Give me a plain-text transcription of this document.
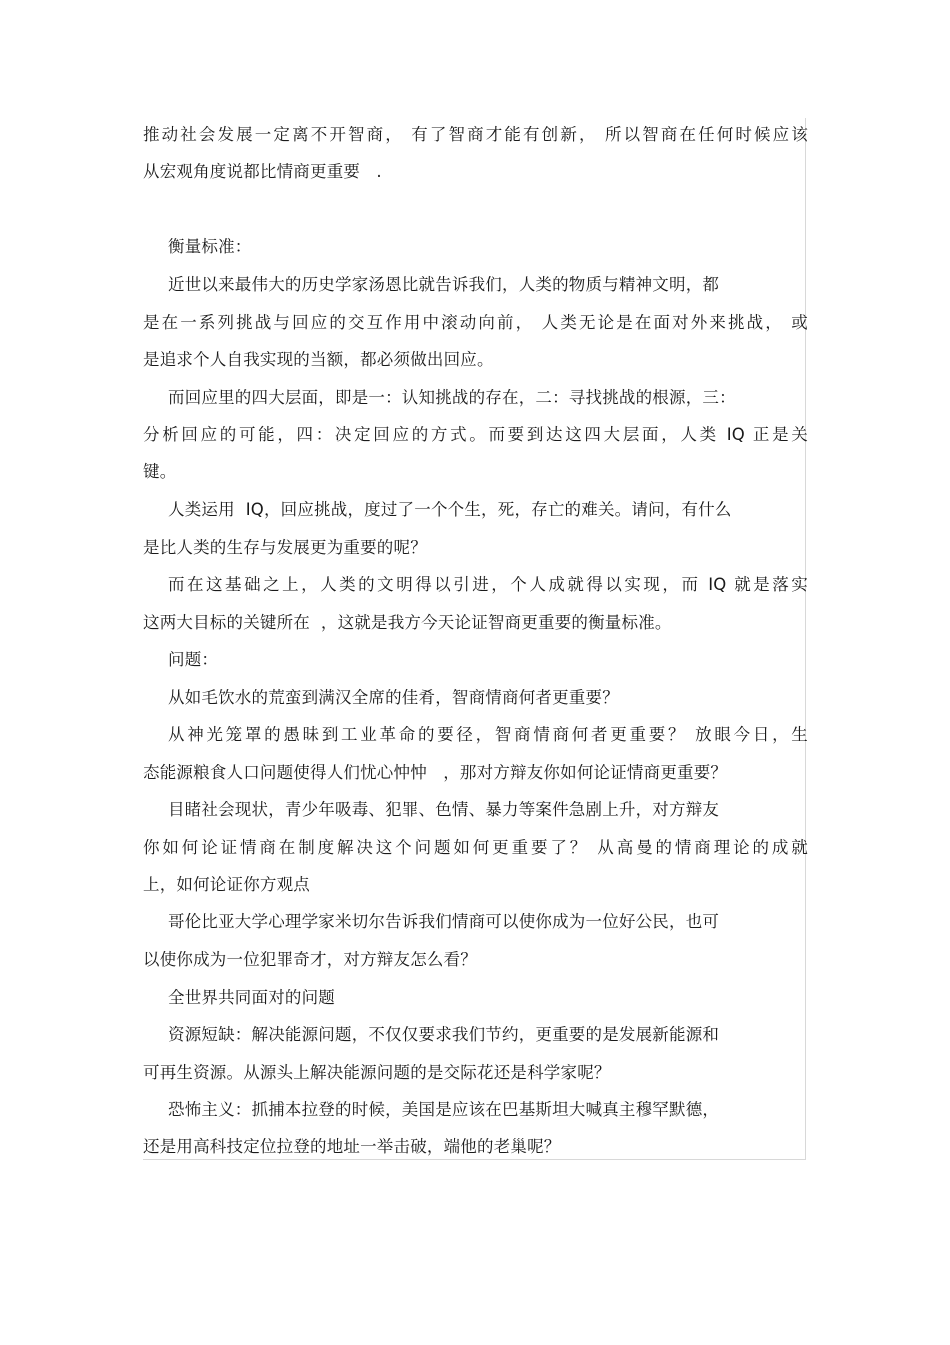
推动社会发展一定离不开智商， 有了智商才能有创新， 所以智商在任何时候应该
从宏观角度说都比情商更重要   .
衡量标准：
近世以来最伟大的历史学家汤恩比就告诉我们，人类的物质与精神文明，都
是在一系列挑战与回应的交互作用中滚动向前， 人类无论是在面对外来挑战， 或
是追求个人自我实现的当额，都必须做出回应。
而回应里的四大层面，即是一：认知挑战的存在，二：寻找挑战的根源，三：
分析回应的可能，四：决定回应的方式。而要到达这四大层面，人类 IQ 正是关
键。
人类运用  IQ，回应挑战，度过了一个个生，死，存亡的难关。请问，有什么
是比人类的生存与发展更为重要的呢？
而在这基础之上，人类的文明得以引进，个人成就得以实现，而 IQ 就是落实
这两大目标的关键所在  ，这就是我方今天论证智商更重要的衡量标准。
问题：
从如毛饮水的荒蛮到满汉全席的佳肴，智商情商何者更重要？
从神光笼罩的愚昧到工业革命的要径，智商情商何者更重要？ 放眼今日，生
态能源粮食人口问题使得人们忧心忡忡   ，那对方辩友你如何论证情商更重要？
目睹社会现状，青少年吸毒、犯罪、色情、暴力等案件急剧上升，对方辩友
你如何论证情商在制度解决这个问题如何更重要了？ 从高曼的情商理论的成就
上，如何论证你方观点
哥伦比亚大学心理学家米切尔告诉我们情商可以使你成为一位好公民，也可
以使你成为一位犯罪奇才，对方辩友怎么看？
全世界共同面对的问题
资源短缺：解决能源问题，不仅仅要求我们节约，更重要的是发展新能源和
可再生资源。从源头上解决能源问题的是交际花还是科学家呢？
恐怖主义：抓捕本拉登的时候，美国是应该在巴基斯坦大喊真主穆罕默德，
还是用高科技定位拉登的地址一举击破，端他的老巢呢？
